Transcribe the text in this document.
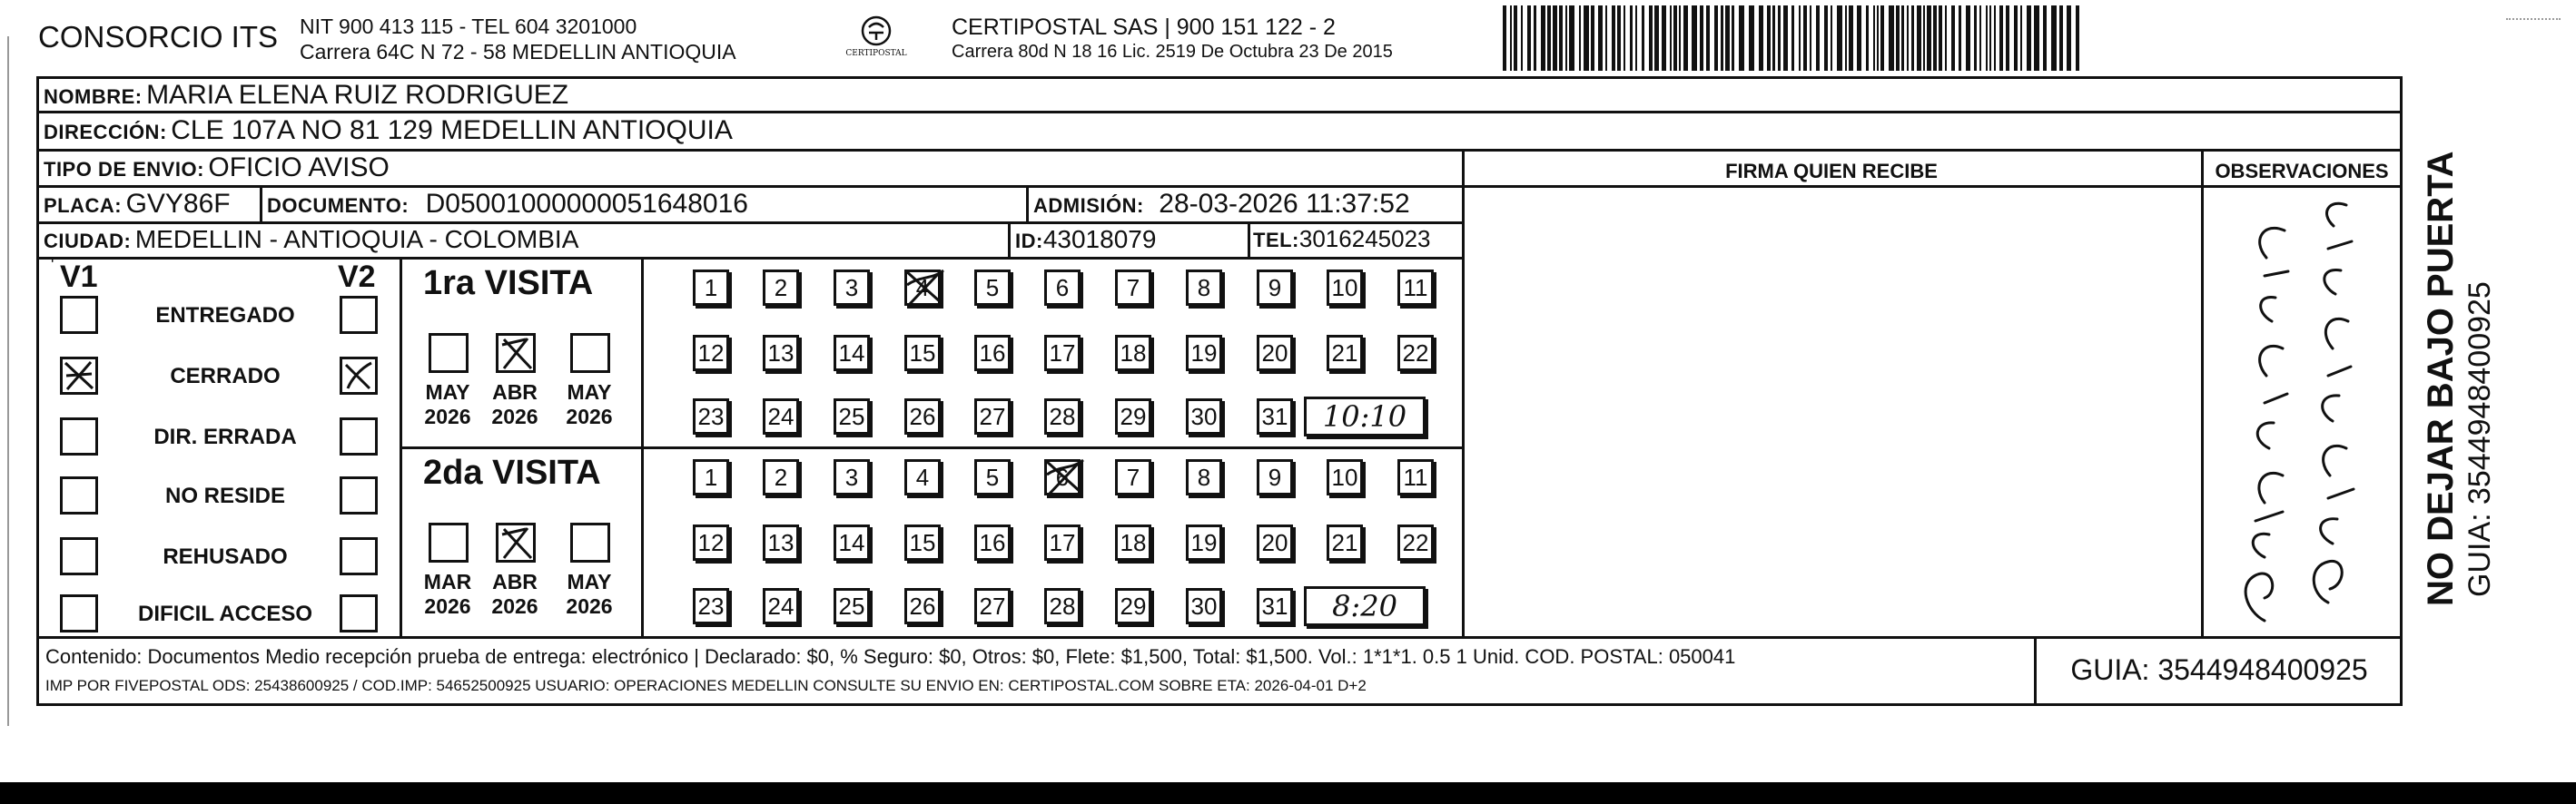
CONSORCIO ITS NIT 900 413 115 - TEL 604 3201000
Carrera 64C N 72 - 58 MEDELLIN ANTIOQUIA	CERTIPOSTAL
CERTIPOSTAL SAS | 900 151 122 - 2
Carrera 80d N 18 16 Lic. 2519 De Octubra 23 De 2015
NOMBRE: MARIA ELENA RUIZ RODRIGUEZ
DIRECCIÓN: CLE 107A NO 81 129 MEDELLIN ANTIOQUIA
TIPO DE ENVIO: OFICIO AVISO	FIRMA QUIEN RECIBE	OBSERVACIONES
PLACA: GVY86F DOCUMENTO: D05001000000051648016	ADMISIÓN: 28-03-2026 11:37:52
CIUDAD: MEDELLIN - ANTIOQUIA - COLOMBIA	ID:43018079	TEL:3016245023
V1	V2
'
ENTREGADO
CERRADO
DIR. ERRADA
NO RESIDE
REHUSADO
DIFICIL ACCESO
1ra VISITA
MAY
2026
ABR
2026
MAY
2026
1 2 3 4 5 6 7 8 9 10 11
12 13 14 15 16 17 18 19 20 21 22
23 24 25 26 27 28 29 30 31	10:10
2da VISITA
MAR
2026
ABR
2026
MAY
2026
1 2 3 4 5 6 7 8 9 10 11
12 13 14 15 16 17 18 19 20 21 22
23 24 25 26 27 28 29 30 31	8:20
Contenido: Documentos Medio recepción prueba de entrega: electrónico | Declarado: $0, % Seguro: $0, Otros: $0, Flete: $1,500, Total: $1,500. Vol.: 1*1*1. 0.5 1 Unid. COD. POSTAL: 050041
IMP POR FIVEPOSTAL ODS: 25438600925 / COD.IMP: 54652500925 USUARIO: OPERACIONES MEDELLIN CONSULTE SU ENVIO EN: CERTIPOSTAL.COM SOBRE ETA: 2026-04-01 D+2	GUIA: 3544948400925
NO DEJAR BAJO PUERTA GUIA: 3544948400925
